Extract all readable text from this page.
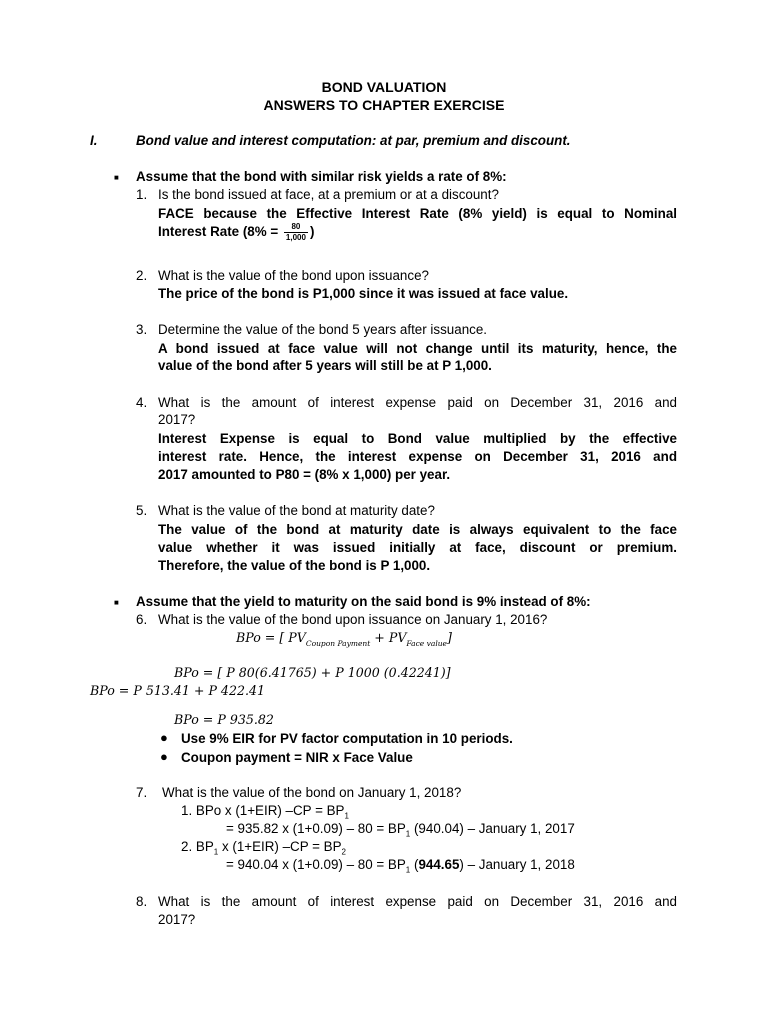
BOND VALUATION
ANSWERS TO CHAPTER EXERCISE
I.	Bond value and interest computation: at par, premium and discount.
■ Assume that the bond with similar risk yields a rate of 8%:
1. Is the bond issued at face, at a premium or at a discount?
FACE because the Effective Interest Rate (8% yield) is equal to Nominal
Interest Rate ($8\% = \frac{80}{1,000}$ )
2. What is the value of the bond upon issuance?
The price of the bond is P1,000 since it was issued at face value.
3. Determine the value of the bond 5 years after issuance.
A bond issued at face value will not change until its maturity, hence, the
value of the bond after 5 years will still be at P 1,000.
4. What is the amount of interest expense paid on December 31, 2016 and
2017?
Interest Expense is equal to Bond value multiplied by the effective
interest rate. Hence, the interest expense on December 31, 2016 and
2017 amounted to P80 = (8% x 1,000) per year.
5. What is the value of the bond at maturity date?
The value of the bond at maturity date is always equivalent to the face
value whether it was issued initially at face, discount or premium.
Therefore, the value of the bond is P 1,000.
■ Assume that the yield to maturity on the said bond is 9% instead of 8%:
6. What is the value of the bond upon issuance on January 1, 2016?
BPo = [ $PV_{Coupon Payment} + PV_{Face value}$]
BPo = [ P 80(6.41765) + P 1000 (0.42241)]
BPo = P 513.41 + P 422.41
BPo = P 935.82
● Use 9% EIR for PV factor computation in 10 periods.
● Coupon payment = NIR x Face Value
7. What is the value of the bond on January 1, 2018?
1. BPo x (1+EIR) $-CP = BP_1$
= 935.82 x $(1+0.09) - 80 = BP_1$ (940.04) – January 1, 2017
2. $BP_1$ x (1+EIR) $-CP = BP_2$
= 940.04 x $(1+0.09) - 80 = BP_1$ (944.65) – January 1, 2018
8. What is the amount of interest expense paid on December 31, 2016 and
2017?
